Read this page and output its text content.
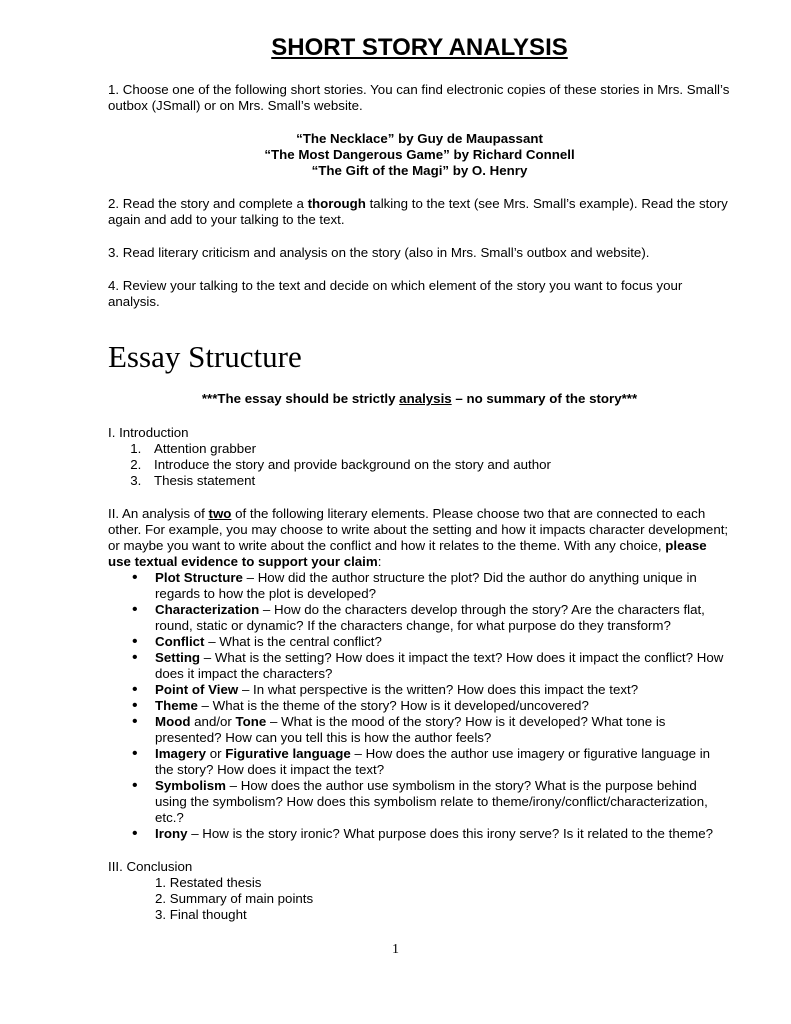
SHORT STORY ANALYSIS

1. Choose one of the following short stories. You can find electronic copies of these stories in Mrs. Small’s outbox (JSmall) or on Mrs. Small’s website.

“The Necklace” by Guy de Maupassant
“The Most Dangerous Game” by Richard Connell
“The Gift of the Magi” by O. Henry

2. Read the story and complete a thorough talking to the text (see Mrs. Small’s example). Read the story again and add to your talking to the text.

3. Read literary criticism and analysis on the story (also in Mrs. Small’s outbox and website).

4. Review your talking to the text and decide on which element of the story you want to focus your analysis.

Essay Structure
***The essay should be strictly analysis – no summary of the story***

I. Introduction

1. Attention grabber
2. Introduce the story and provide background on the story and author
3. Thesis statement

II. An analysis of two of the following literary elements. Please choose two that are connected to each other. For example, you may choose to write about the setting and how it impacts character development; or maybe you want to write about the conflict and how it relates to the theme. With any choice, please use textual evidence to support your claim:

• Plot Structure – How did the author structure the plot? Did the author do anything unique in regards to how the plot is developed?
• Characterization – How do the characters develop through the story? Are the characters flat, round, static or dynamic? If the characters change, for what purpose do they transform?
• Conflict – What is the central conflict?
• Setting – What is the setting? How does it impact the text? How does it impact the conflict? How does it impact the characters?
• Point of View – In what perspective is the written? How does this impact the text?
• Theme – What is the theme of the story? How is it developed/uncovered?
• Mood and/or Tone – What is the mood of the story? How is it developed? What tone is presented? How can you tell this is how the author feels?
• Imagery or Figurative language – How does the author use imagery or figurative language in the story? How does it impact the text?
• Symbolism – How does the author use symbolism in the story? What is the purpose behind using the symbolism? How does this symbolism relate to theme/irony/conflict/characterization, etc.?
• Irony – How is the story ironic? What purpose does this irony serve? Is it related to the theme?

III. Conclusion

1. Restated thesis
2. Summary of main points
3. Final thought
1
